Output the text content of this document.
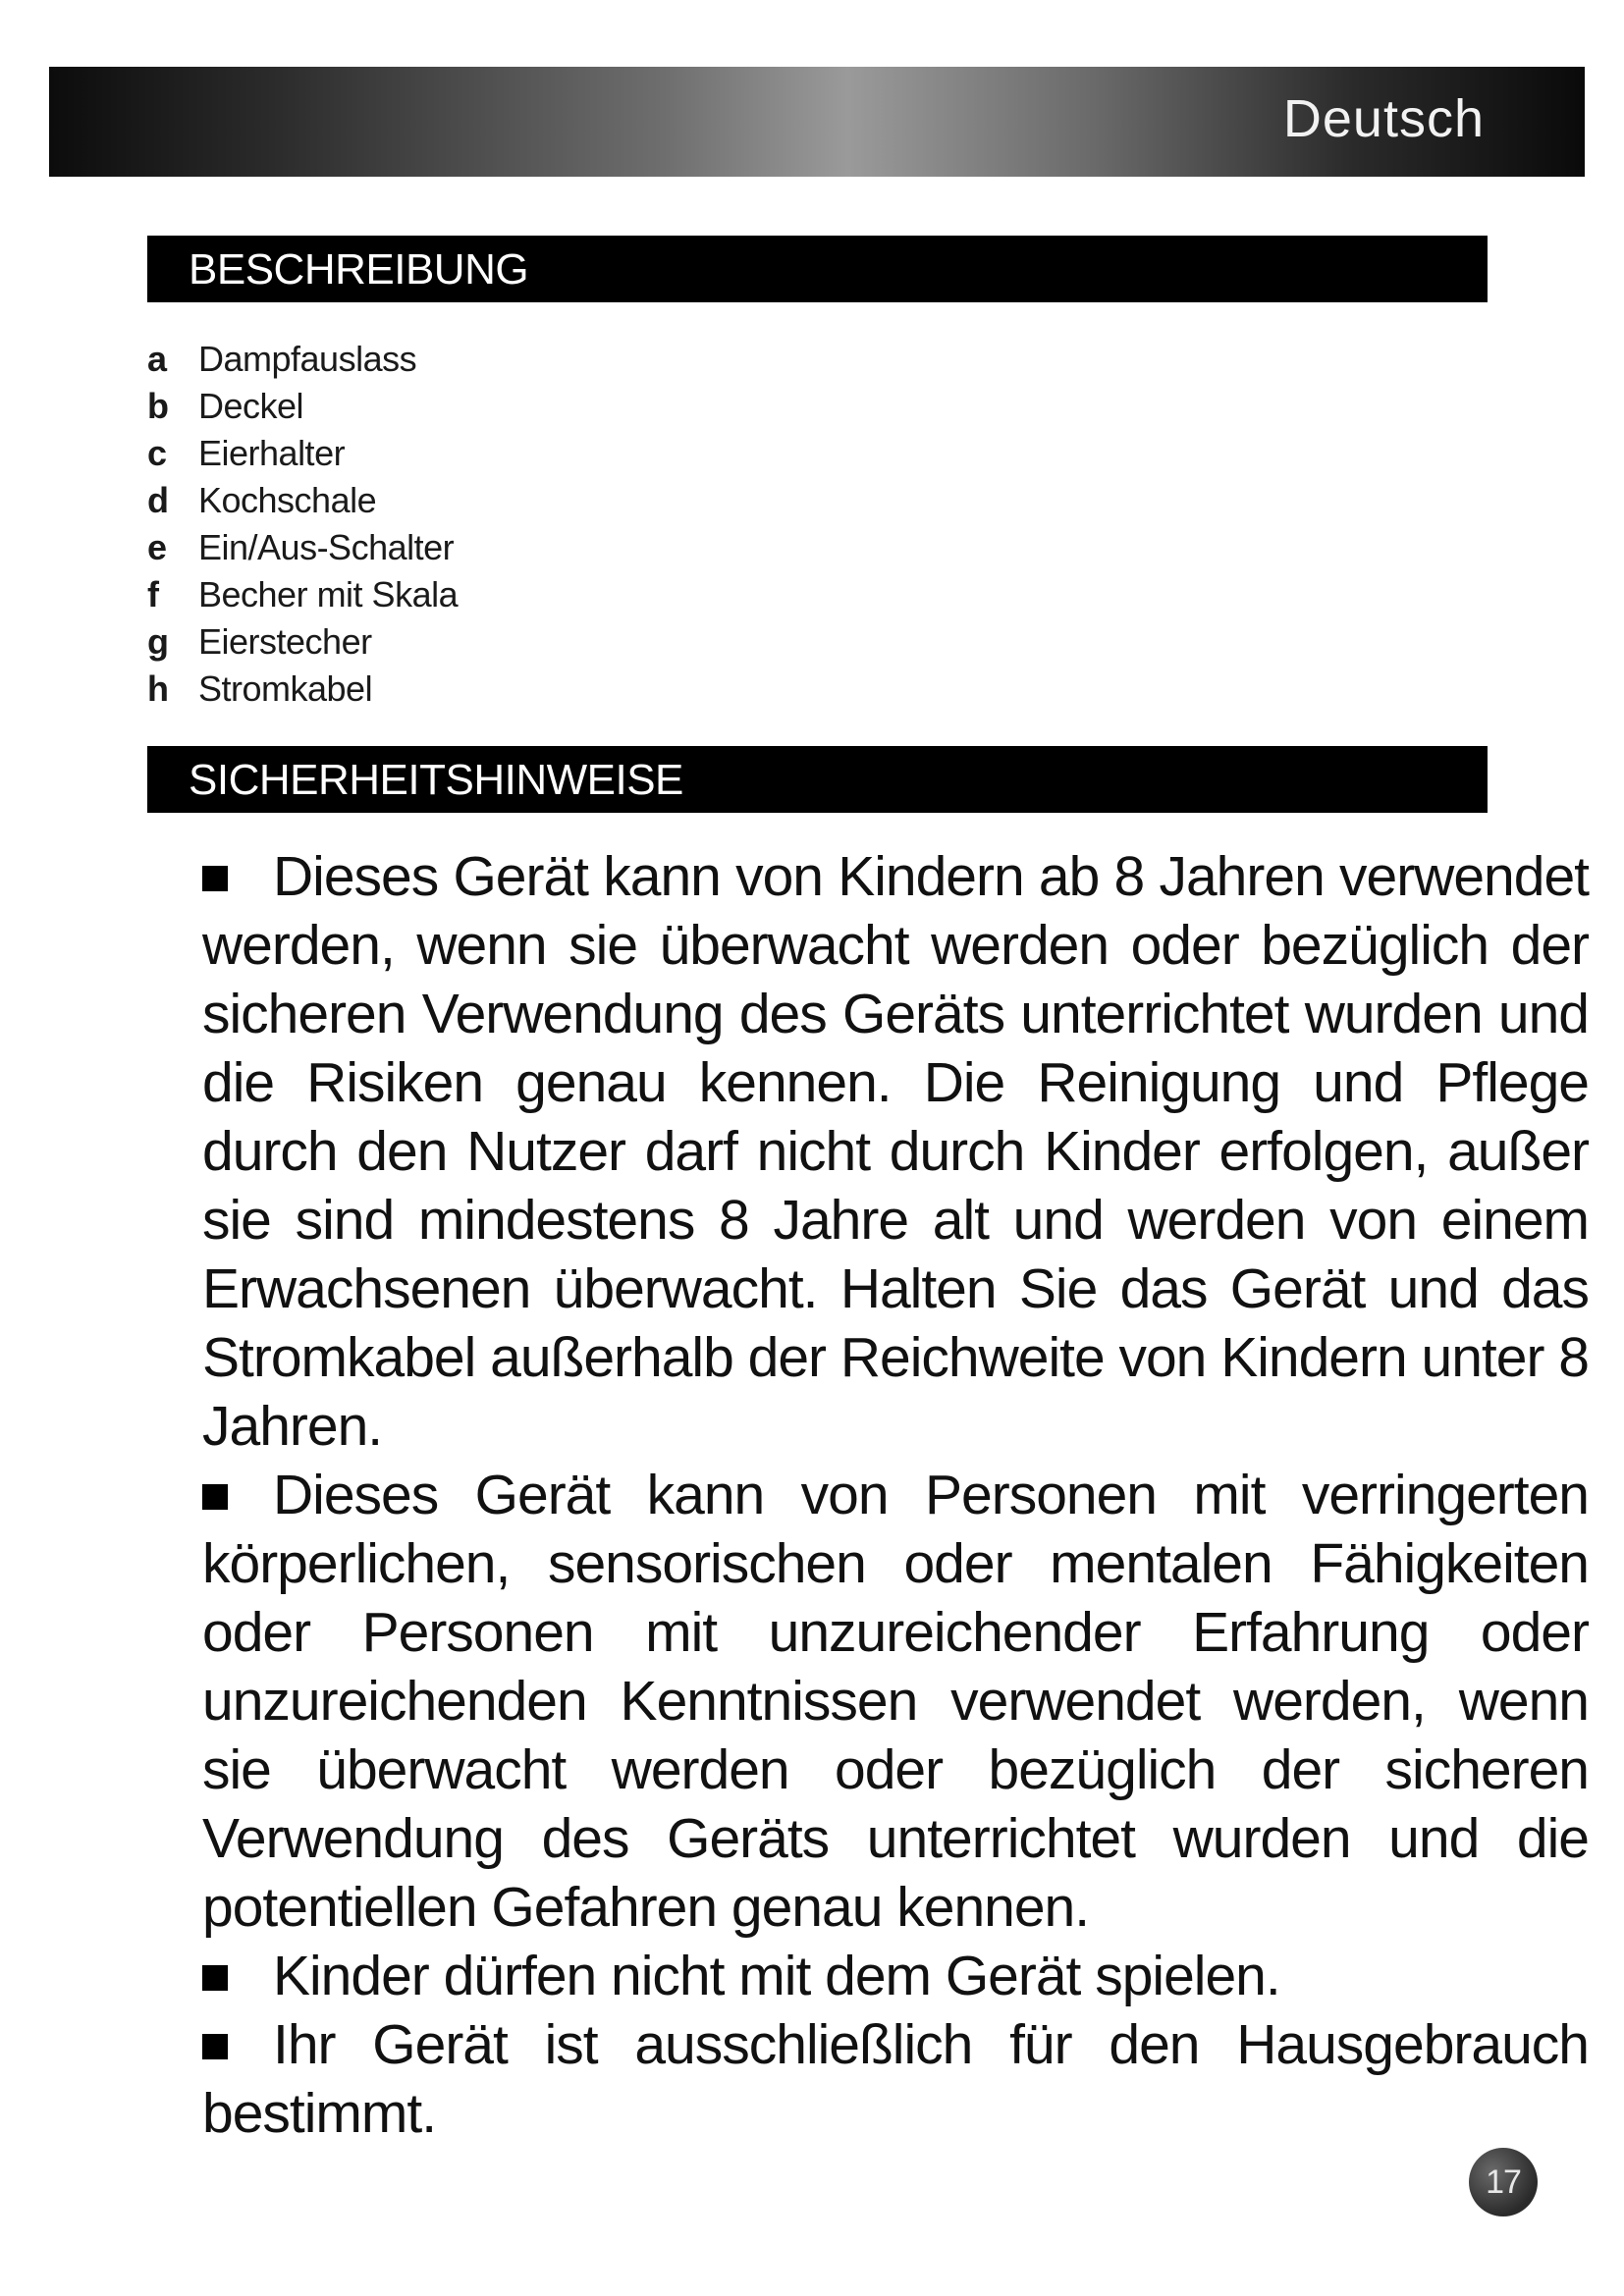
Deutsch
BESCHREIBUNG
a Dampfauslass
b Deckel
c Eierhalter
d Kochschale
e Ein/Aus-Schalter
f	Becher mit Skala
g Eierstecher
h Stromkabel
SICHERHEITSHINWEISE

Dieses Gerät kann von Kindern ab 8 Jahren verwendet werden, wenn sie überwacht werden oder bezüglich der sicheren Verwendung des Geräts unterrichtet wurden und die Risiken genau kennen. Die Reinigung und Pflege durch den Nutzer darf nicht durch Kinder erfolgen, außer sie sind mindestens 8 Jahre alt und werden von einem Erwachsenen überwacht. Halten Sie das Gerät und das Stromkabel außerhalb der Reichweite von Kindern unter 8 Jahren.

Dieses Gerät kann von Personen mit verringerten körperlichen, sensorischen oder mentalen Fähigkeiten oder Personen mit unzureichender Erfahrung oder unzureichenden Kenntnissen verwendet werden, wenn sie überwacht werden oder bezüglich der sicheren Verwendung des Geräts unterrichtet wurden und die potentiellen Gefahren genau kennen.

Kinder dürfen nicht mit dem Gerät spielen.

Ihr Gerät ist ausschließlich für den Hausgebrauch bestimmt.

17
